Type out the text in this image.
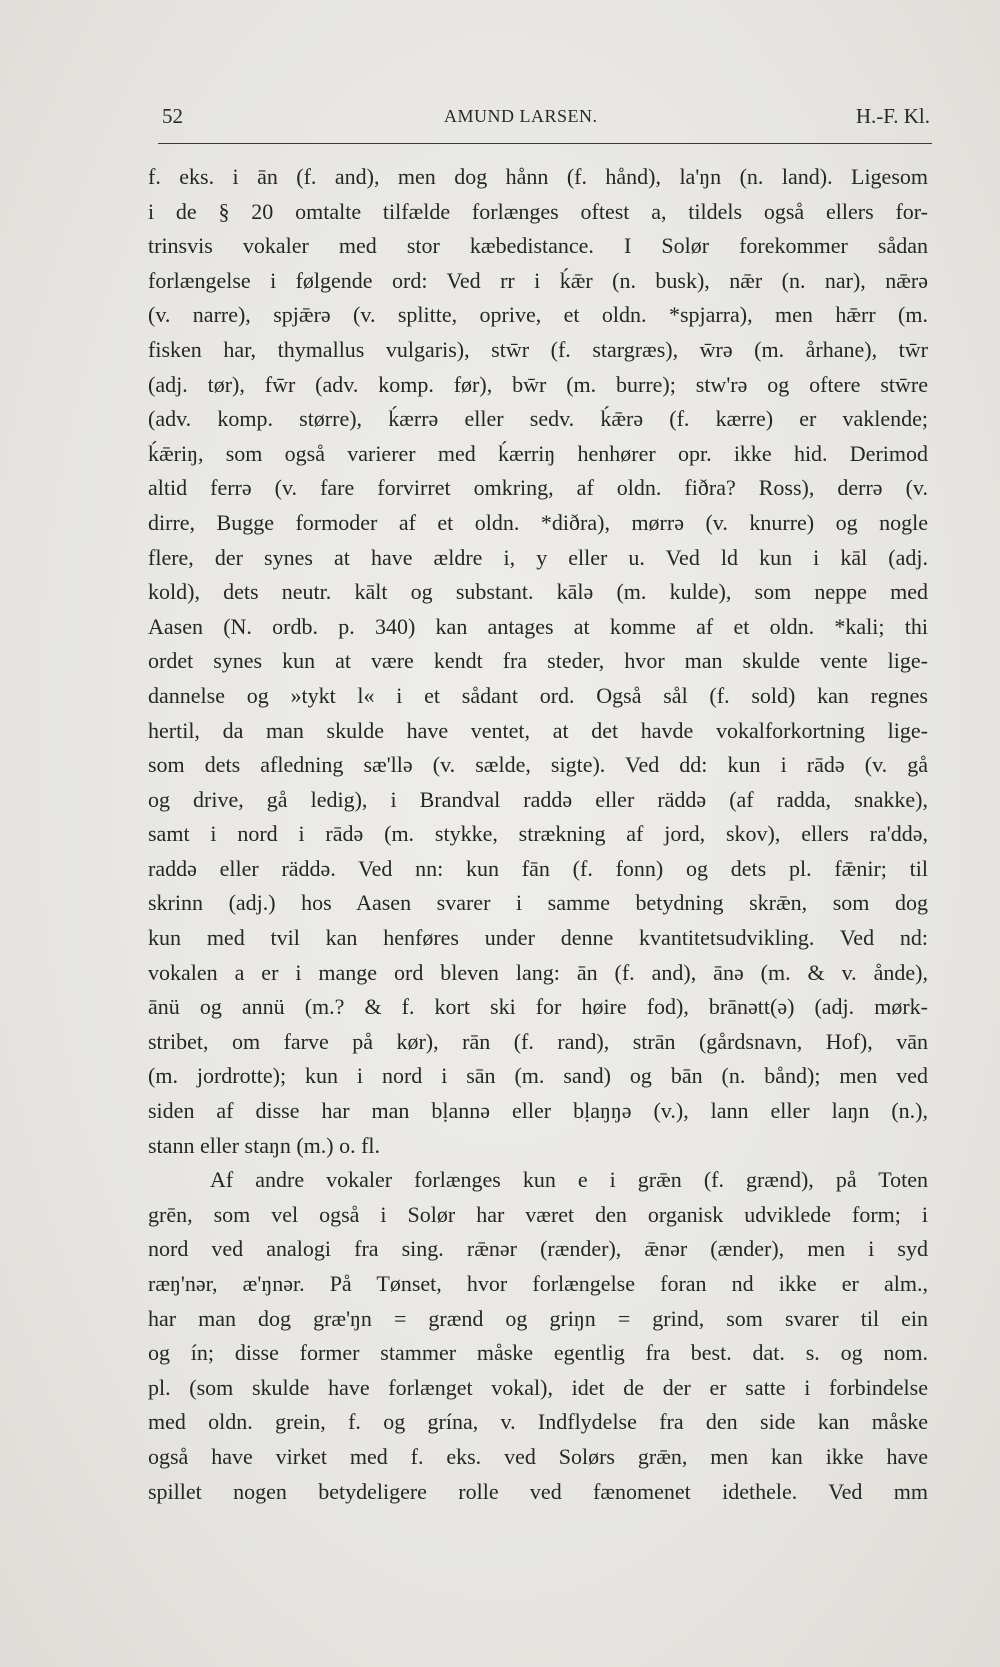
52	AMUND LARSEN.	H.-F. Kl.
f. eks. i ān (f. and), men dog hånn (f. hånd), la'ŋn (n. land). Ligesom
i de § 20 omtalte tilfælde forlænges oftest a, tildels også ellers for-
trinsvis vokaler med stor kæbedistance. I Solør forekommer sådan
forlængelse i følgende ord: Ved rr i ḱǣr (n. busk), nǣr (n. nar), nǣrə
(v. narre), spjǣrə (v. splitte, oprive, et oldn. *spjarra), men hǣrr (m.
fisken har, thymallus vulgaris), stw̄r (f. stargræs), w̄rə (m. århane), tw̄r
(adj. tør), fw̄r (adv. komp. før), bw̄r (m. burre); stw'rə og oftere stw̄re
(adv. komp. større), ḱærrə eller sedv. ḱǣrə (f. kærre) er vaklende;
ḱǣriŋ, som også varierer med ḱærriŋ henhører opr. ikke hid. Derimod
altid ferrə (v. fare forvirret omkring, af oldn. fiðra? Ross), derrə (v.
dirre, Bugge formoder af et oldn. *diðra), mørrə (v. knurre) og nogle
flere, der synes at have ældre i, y eller u. Ved ld kun i kāl (adj.
kold), dets neutr. kālt og substant. kālə (m. kulde), som neppe med
Aasen (N. ordb. p. 340) kan antages at komme af et oldn. *kali; thi
ordet synes kun at være kendt fra steder, hvor man skulde vente lige-
dannelse og »tykt l« i et sådant ord. Også sål (f. sold) kan regnes
hertil, da man skulde have ventet, at det havde vokalforkortning lige-
som dets afledning sæ'llə (v. sælde, sigte). Ved dd: kun i rādə (v. gå
og drive, gå ledig), i Brandval raddə eller räddə (af radda, snakke),
samt i nord i rādə (m. stykke, strækning af jord, skov), ellers ra'ddə,
raddə eller räddə. Ved nn: kun fān (f. fonn) og dets pl. fǣnir; til
skrinn (adj.) hos Aasen svarer i samme betydning skrǣn, som dog
kun med tvil kan henføres under denne kvantitetsudvikling. Ved nd:
vokalen a er i mange ord bleven lang: ān (f. and), ānə (m. & v. ånde),
ānü og annü (m.? & f. kort ski for høire fod), brānətt(ə) (adj. mørk-
stribet, om farve på kør), rān (f. rand), strān (gårdsnavn, Hof), vān
(m. jordrotte); kun i nord i sān (m. sand) og bān (n. bånd); men ved
siden af disse har man bḷannə eller bḷaŋŋə (v.), lann eller laŋn (n.),
stann eller staŋn (m.) o. fl.
Af andre vokaler forlænges kun e i grǣn (f. grænd), på Toten
grēn, som vel også i Solør har været den organisk udviklede form; i
nord ved analogi fra sing. rǣnər (rænder), ǣnər (ænder), men i syd
ræŋ'nər, æ'ŋnər. På Tønset, hvor forlængelse foran nd ikke er alm.,
har man dog græ'ŋn = grænd og griŋn = grind, som svarer til ein
og ín; disse former stammer måske egentlig fra best. dat. s. og nom.
pl. (som skulde have forlænget vokal), idet de der er satte i forbindelse
med oldn. grein, f. og grína, v. Indflydelse fra den side kan måske
også have virket med f. eks. ved Solørs grǣn, men kan ikke have
spillet nogen betydeligere rolle ved fænomenet idethele. Ved mm
